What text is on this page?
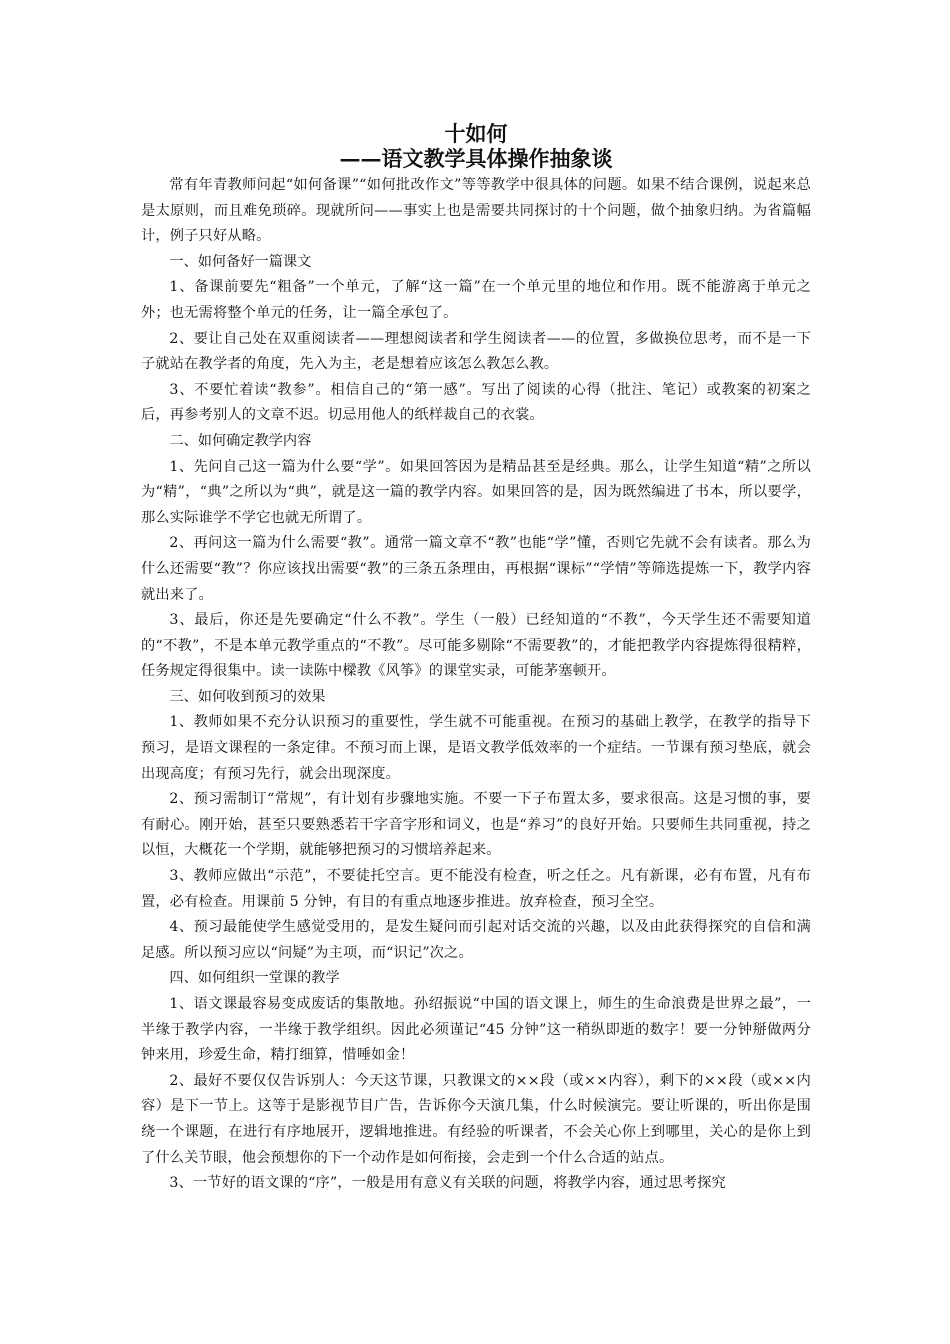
十如何
——语文教学具体操作抽象谈

常有年青教师问起“如何备课”“如何批改作文”等等教学中很具体的问题。如果不结合课例，说起来总是太原则，而且难免琐碎。现就所问——事实上也是需要共同探讨的十个问题，做个抽象归纳。为省篇幅计，例子只好从略。

一、如何备好一篇课文

1、备课前要先“粗备”一个单元，了解“这一篇”在一个单元里的地位和作用。既不能游离于单元之外；也无需将整个单元的任务，让一篇全承包了。

2、要让自己处在双重阅读者——理想阅读者和学生阅读者——的位置，多做换位思考，而不是一下子就站在教学者的角度，先入为主，老是想着应该怎么教怎么教。

3、不要忙着读“教参”。相信自己的“第一感”。写出了阅读的心得（批注、笔记）或教案的初案之后，再参考别人的文章不迟。切忌用他人的纸样裁自己的衣裳。

二、如何确定教学内容

1、先问自己这一篇为什么要“学”。如果回答因为是精品甚至是经典。那么，让学生知道“精”之所以为“精”，“典”之所以为“典”，就是这一篇的教学内容。如果回答的是，因为既然编进了书本，所以要学，那么实际谁学不学它也就无所谓了。

2、再问这一篇为什么需要“教”。通常一篇文章不“教”也能“学”懂，否则它先就不会有读者。那么为什么还需要“教”？你应该找出需要“教”的三条五条理由，再根据“课标”“学情”等筛选提炼一下，教学内容就出来了。

3、最后，你还是先要确定“什么不教”。学生（一般）已经知道的“不教”，今天学生还不需要知道的“不教”，不是本单元教学重点的“不教”。尽可能多剔除“不需要教”的，才能把教学内容提炼得很精粹，任务规定得很集中。读一读陈中樑教《风筝》的课堂实录，可能茅塞顿开。

三、如何收到预习的效果

1、教师如果不充分认识预习的重要性，学生就不可能重视。在预习的基础上教学，在教学的指导下预习，是语文课程的一条定律。不预习而上课，是语文教学低效率的一个症结。一节课有预习垫底，就会出现高度；有预习先行，就会出现深度。

2、预习需制订“常规”，有计划有步骤地实施。不要一下子布置太多，要求很高。这是习惯的事，要有耐心。刚开始，甚至只要熟悉若干字音字形和词义，也是“养习”的良好开始。只要师生共同重视，持之以恒，大概花一个学期，就能够把预习的习惯培养起来。

3、教师应做出“示范”，不要徒托空言。更不能没有检查，听之任之。凡有新课，必有布置，凡有布置，必有检查。用课前 5 分钟，有目的有重点地逐步推进。放弃检查，预习全空。

4、预习最能使学生感觉受用的，是发生疑问而引起对话交流的兴趣，以及由此获得探究的自信和满足感。所以预习应以“问疑”为主项，而“识记”次之。

四、如何组织一堂课的教学

1、语文课最容易变成废话的集散地。孙绍振说“中国的语文课上，师生的生命浪费是世界之最”，一半缘于教学内容，一半缘于教学组织。因此必须谨记“45 分钟”这一稍纵即逝的数字！要一分钟掰做两分钟来用，珍爱生命，精打细算，惜唾如金！

2、最好不要仅仅告诉别人：今天这节课，只教课文的××段（或××内容），剩下的××段（或××内容）是下一节上。这等于是影视节目广告，告诉你今天演几集，什么时候演完。要让听课的，听出你是围绕一个课题，在进行有序地展开，逻辑地推进。有经验的听课者，不会关心你上到哪里，关心的是你上到了什么关节眼，他会预想你的下一个动作是如何衔接，会走到一个什么合适的站点。

3、一节好的语文课的“序”，一般是用有意义有关联的问题，将教学内容，通过思考探究
